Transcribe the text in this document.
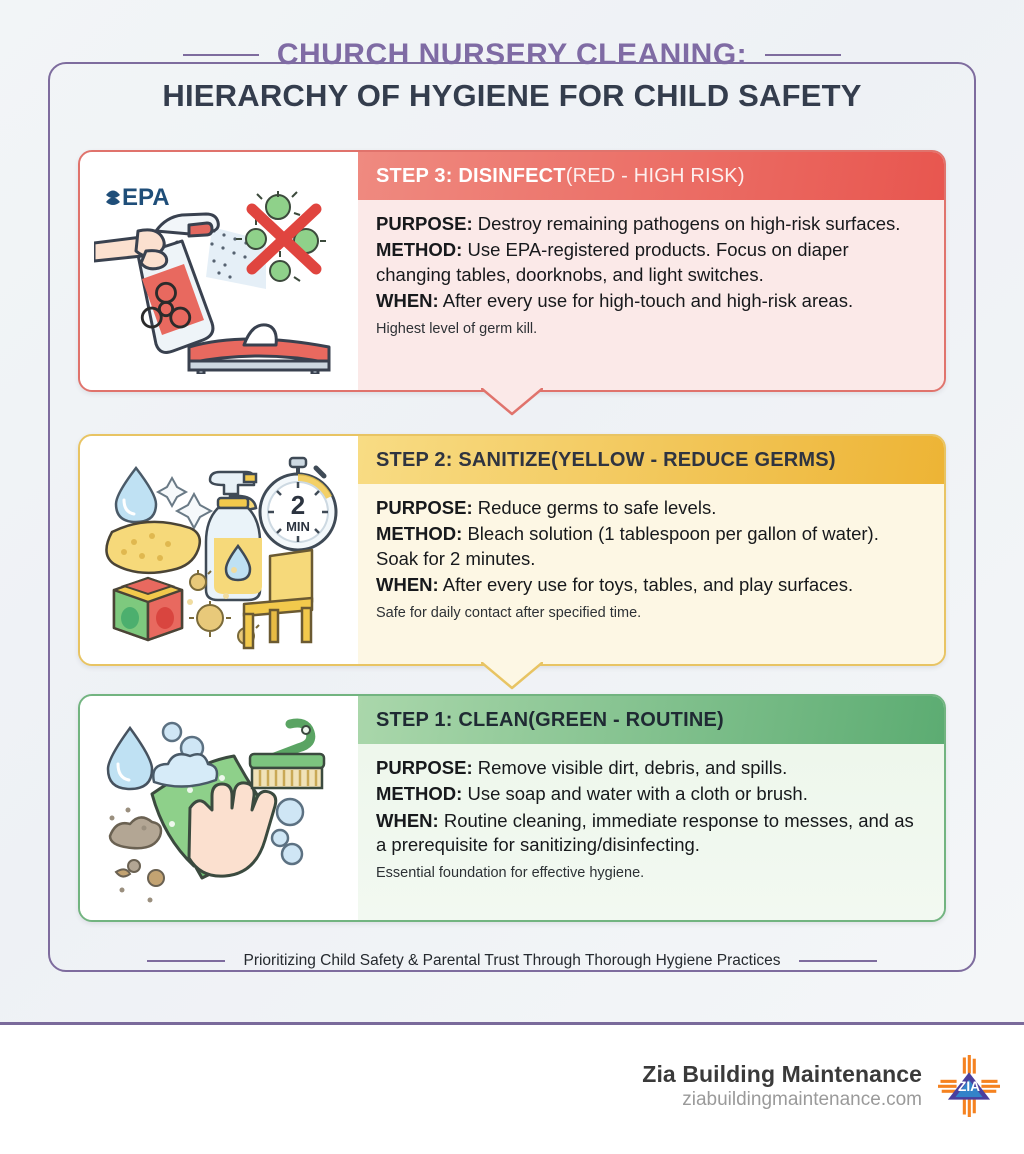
CHURCH NURSERY CLEANING:
HIERARCHY OF HYGIENE FOR CHILD SAFETY
EPA
STEP 3: DISINFECT (RED - HIGH RISK)
PURPOSE: Destroy remaining pathogens on high-risk surfaces.
METHOD: Use EPA-registered products. Focus on diaper changing tables, doorknobs, and light switches.
WHEN: After every use for high-touch and high-risk areas.
Highest level of germ kill.
2
MIN
STEP 2: SANITIZE (YELLOW - REDUCE GERMS)
PURPOSE: Reduce germs to safe levels.
METHOD: Bleach solution (1 tablespoon per gallon of water). Soak for 2 minutes.
WHEN: After every use for toys, tables, and play surfaces.
Safe for daily contact after specified time.
STEP 1: CLEAN (GREEN - ROUTINE)
PURPOSE: Remove visible dirt, debris, and spills.
METHOD: Use soap and water with a cloth or brush.
WHEN: Routine cleaning, immediate response to messes, and as a prerequisite for sanitizing/disinfecting.
Essential foundation for effective hygiene.
Prioritizing Child Safety & Parental Trust Through Thorough Hygiene Practices
Zia Building Maintenance
ziabuildingmaintenance.com
ZIA
